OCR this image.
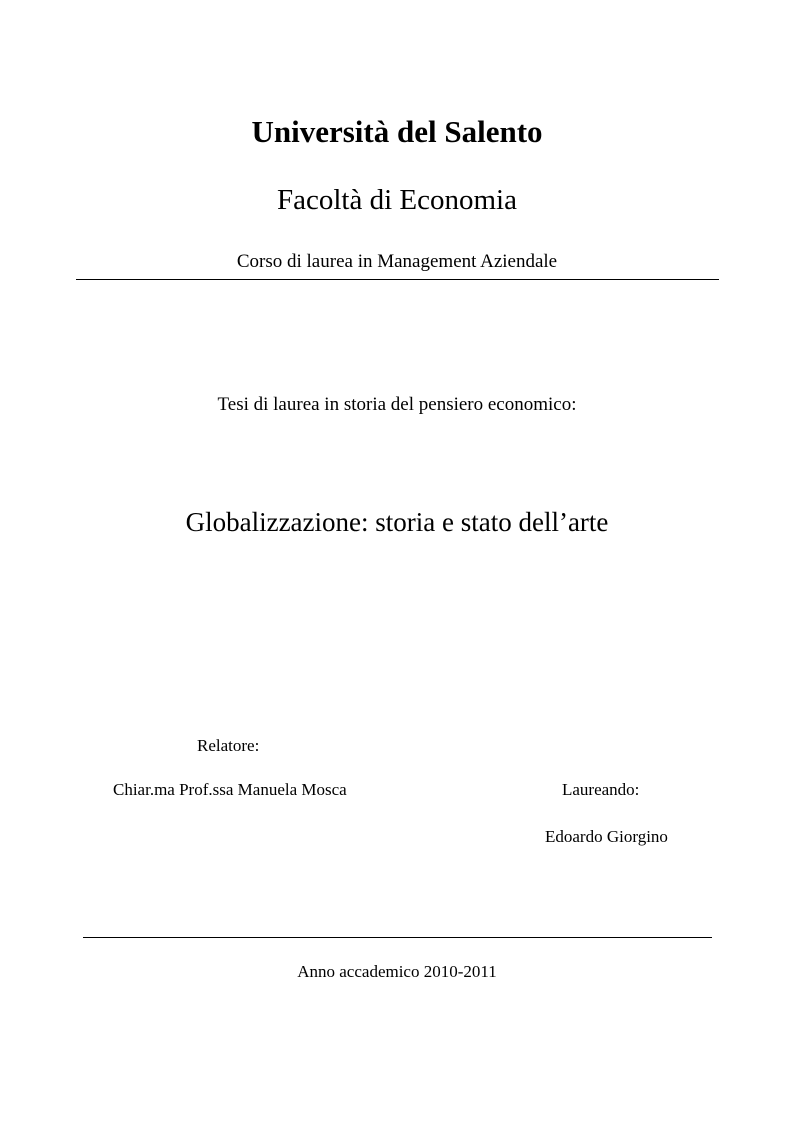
Università del Salento
Facoltà di Economia
Corso di laurea in Management Aziendale
Tesi di laurea in storia del pensiero economico:
Globalizzazione: storia e stato dell’arte
Relatore:
Chiar.ma Prof.ssa Manuela Mosca	Laureando:
Edoardo Giorgino
Anno accademico 2010-2011
